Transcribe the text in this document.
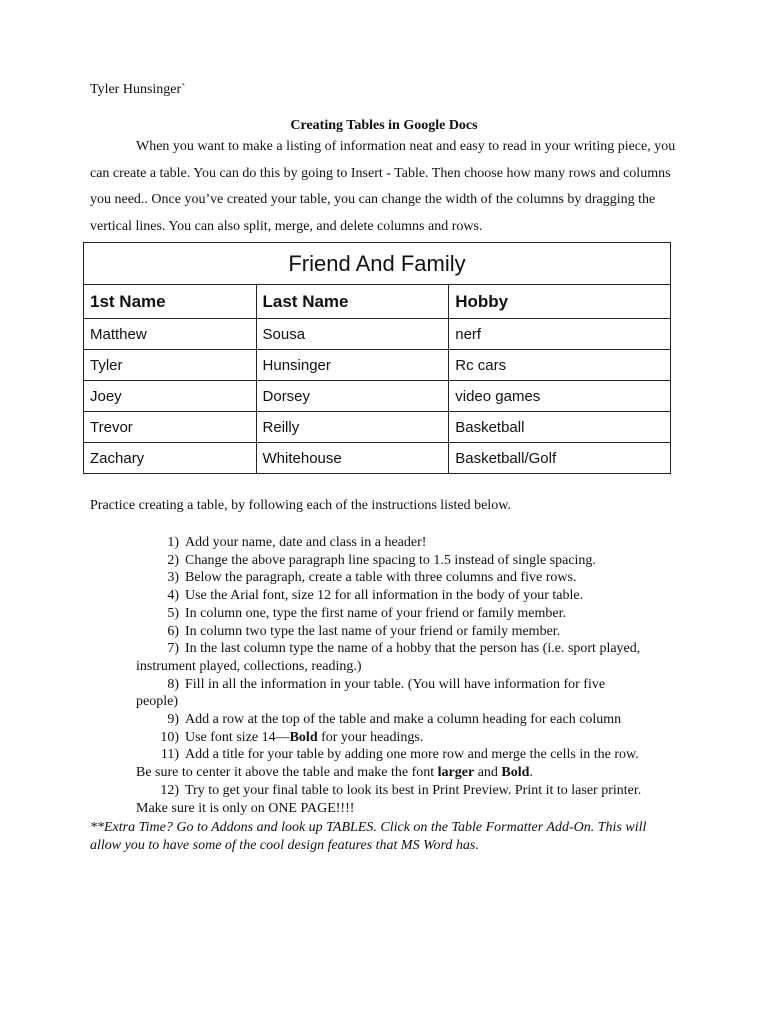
Tyler Hunsinger`
Creating Tables in Google Docs

When you want to make a listing of information neat and easy to read in your writing piece, you can create a table. You can do this by going to Insert - Table. Then choose how many rows and columns you need.. Once you’ve created your table, you can change the width of the columns by dragging the vertical lines. You can also split, merge, and delete columns and rows.

Friend And Family		
1st Name	Last Name	Hobby
Matthew	Sousa	nerf
Tyler	Hunsinger	Rc cars
Joey	Dorsey	video games
Trevor	Reilly	Basketball
Zachary	Whitehouse	Basketball/Golf
Practice creating a table, by following each of the instructions listed below.
1) Add your name, date and class in a header!
2) Change the above paragraph line spacing to 1.5 instead of single spacing.
3) Below the paragraph, create a table with three columns and five rows.
4) Use the Arial font, size 12 for all information in the body of your table.
5) In column one, type the first name of your friend or family member.
6) In column two type the last name of your friend or family member.
7) In the last column type the name of a hobby that the person has (i.e. sport played,
instrument played, collections, reading.)
8) Fill in all the information in your table. (You will have information for five
people)
9) Add a row at the top of the table and make a column heading for each column
10) Use font size 14—Bold for your headings.
11) Add a title for your table by adding one more row and merge the cells in the row.
Be sure to center it above the table and make the font larger and Bold.
12) Try to get your final table to look its best in Print Preview. Print it to laser printer.
Make sure it is only on ONE PAGE!!!!
**Extra Time? Go to Addons and look up TABLES. Click on the Table Formatter Add-On. This will allow you to have some of the cool design features that MS Word has.
